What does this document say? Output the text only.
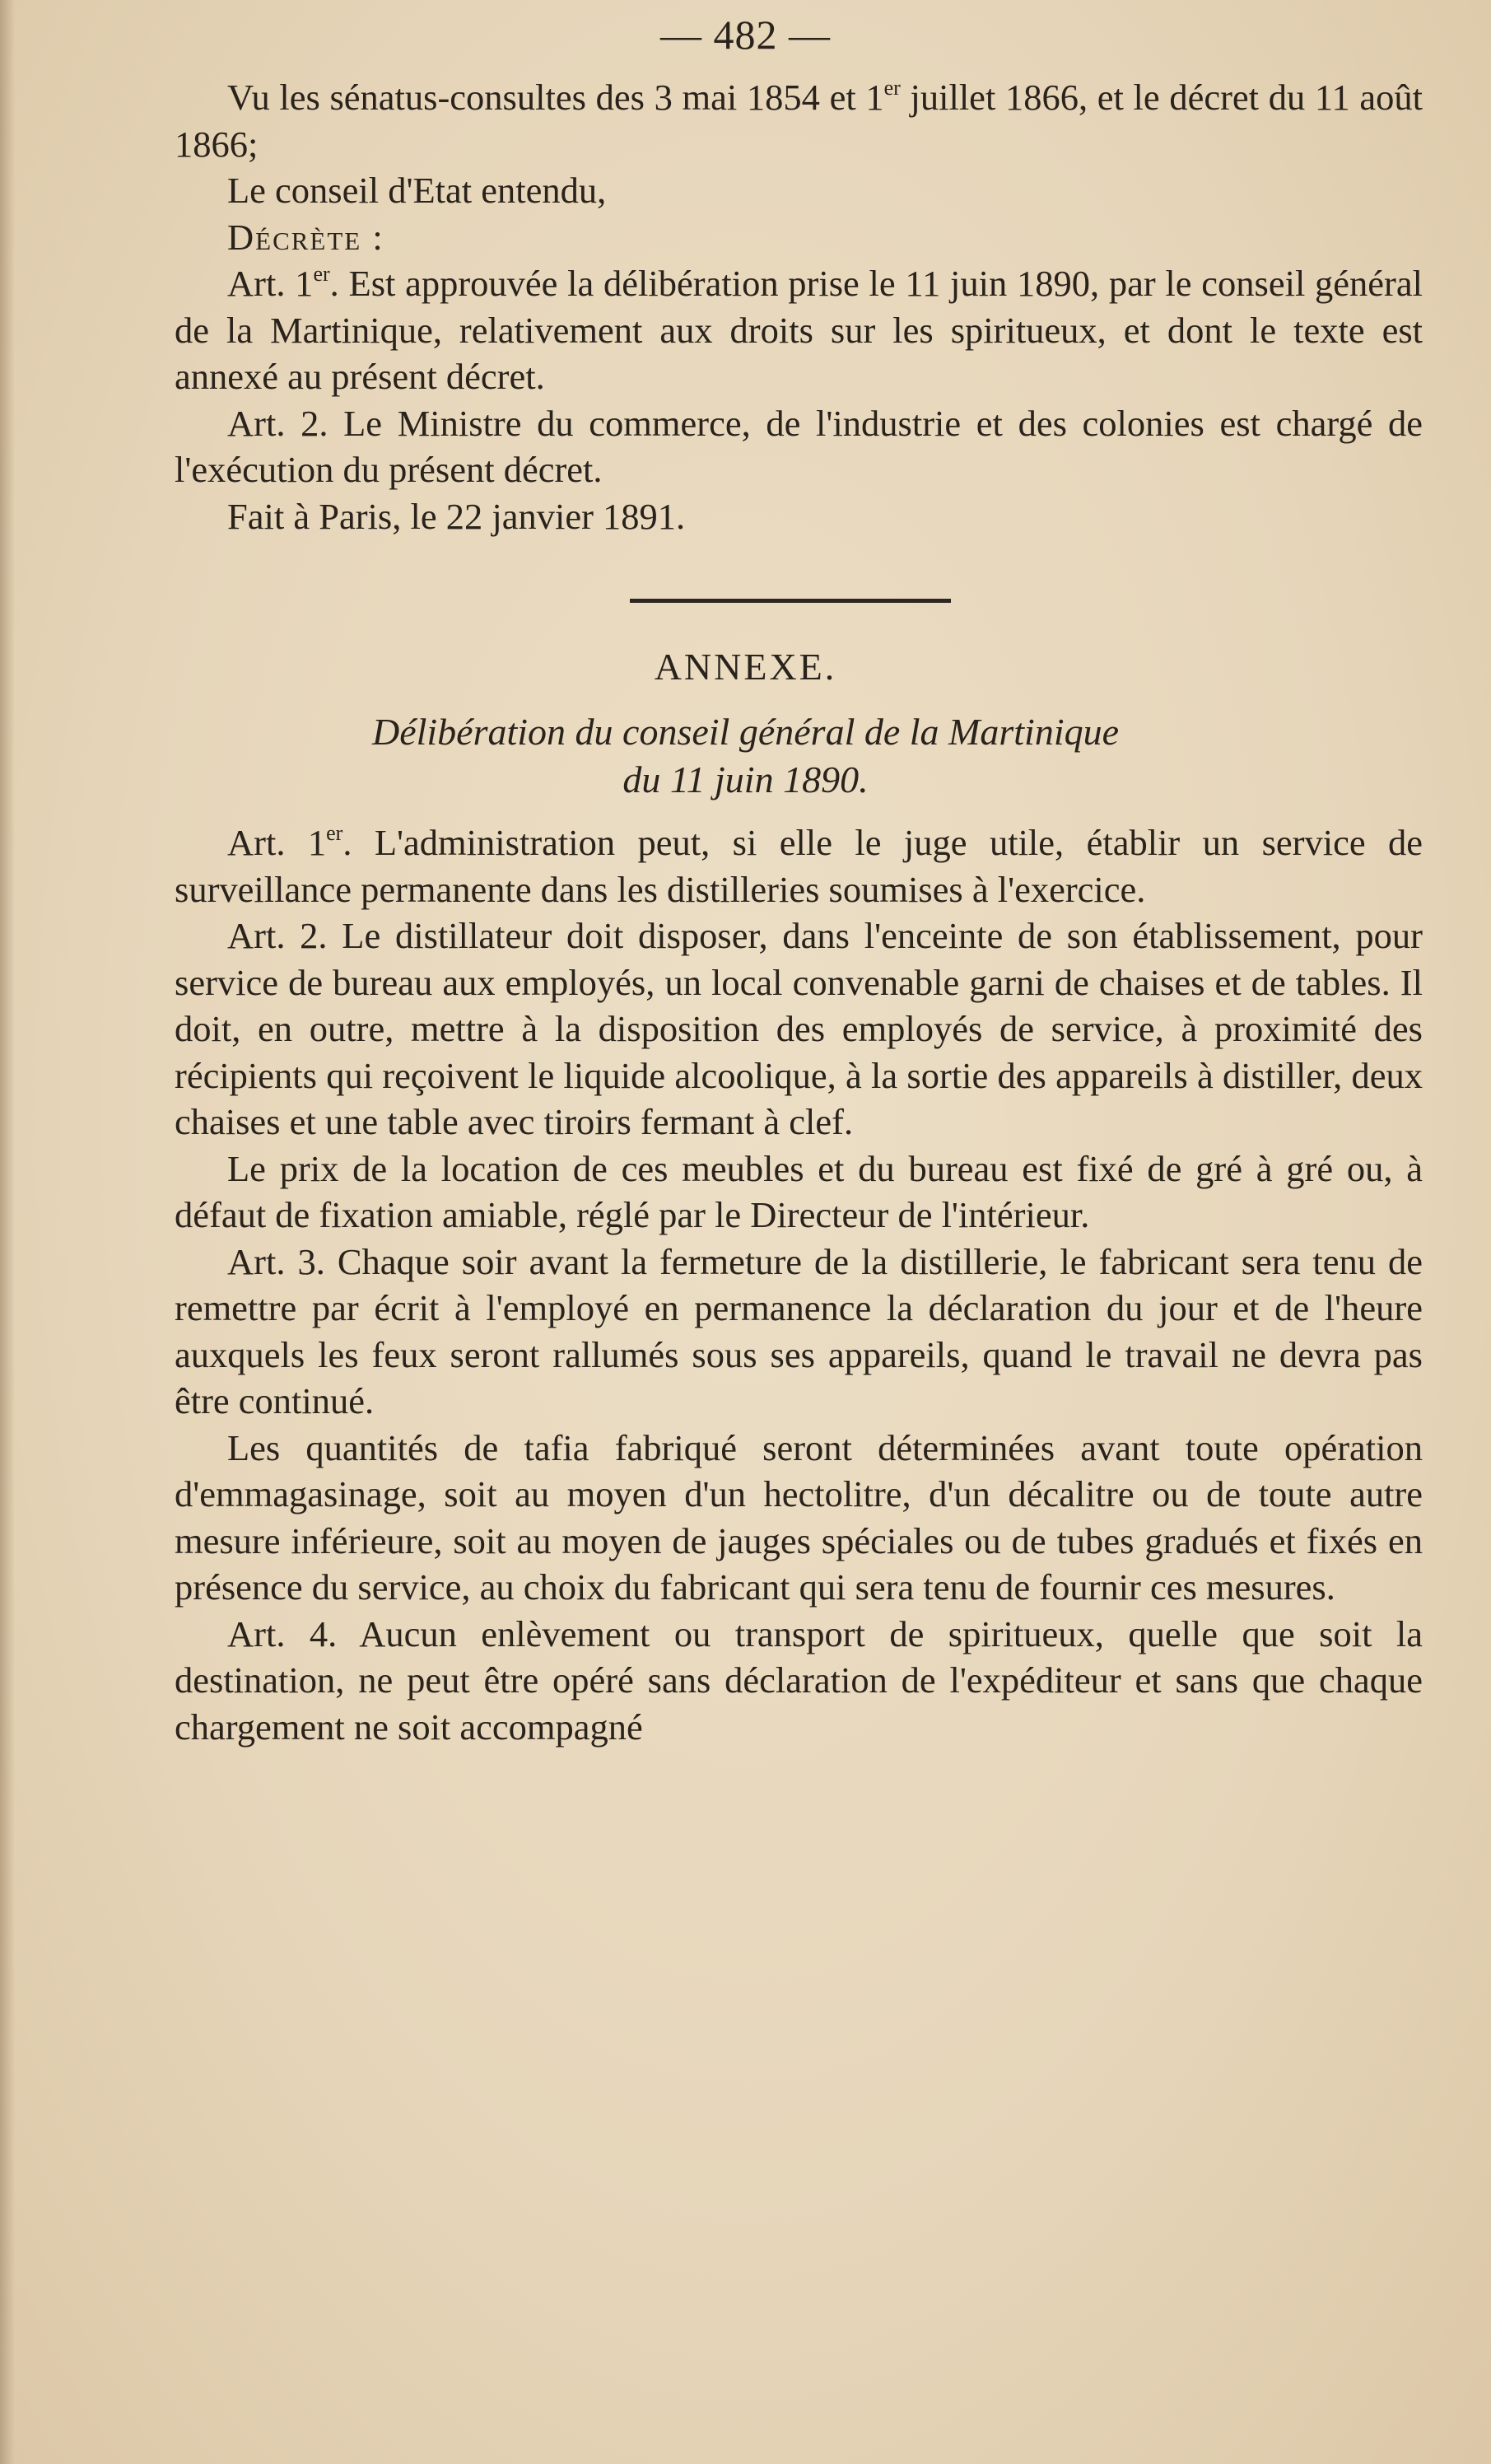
— 482 —

Vu les sénatus-consultes des 3 mai 1854 et 1er juillet 1866, et le décret du 11 août 1866;

Le conseil d'Etat entendu,

Décrète :

Art. 1er. Est approuvée la délibération prise le 11 juin 1890, par le conseil général de la Martinique, relativement aux droits sur les spiritueux, et dont le texte est annexé au présent décret.

Art. 2. Le Ministre du commerce, de l'industrie et des colonies est chargé de l'exécution du présent décret.

Fait à Paris, le 22 janvier 1891.

ANNEXE.
Délibération du conseil général de la Martinique
du 11 juin 1890.

Art. 1er. L'administration peut, si elle le juge utile, établir un service de surveillance permanente dans les distilleries soumises à l'exercice.

Art. 2. Le distillateur doit disposer, dans l'enceinte de son établissement, pour service de bureau aux employés, un local convenable garni de chaises et de tables. Il doit, en outre, mettre à la disposition des employés de service, à proximité des récipients qui reçoivent le liquide alcoolique, à la sortie des appareils à distiller, deux chaises et une table avec tiroirs fermant à clef.

Le prix de la location de ces meubles et du bureau est fixé de gré à gré ou, à défaut de fixation amiable, réglé par le Directeur de l'intérieur.

Art. 3. Chaque soir avant la fermeture de la distillerie, le fabricant sera tenu de remettre par écrit à l'employé en permanence la déclaration du jour et de l'heure auxquels les feux seront rallumés sous ses appareils, quand le travail ne devra pas être continué.

Les quantités de tafia fabriqué seront déterminées avant toute opération d'emmagasinage, soit au moyen d'un hectolitre, d'un décalitre ou de toute autre mesure inférieure, soit au moyen de jauges spéciales ou de tubes gradués et fixés en présence du service, au choix du fabricant qui sera tenu de fournir ces mesures.

Art. 4. Aucun enlèvement ou transport de spiritueux, quelle que soit la destination, ne peut être opéré sans déclaration de l'expéditeur et sans que chaque chargement ne soit accompagné
